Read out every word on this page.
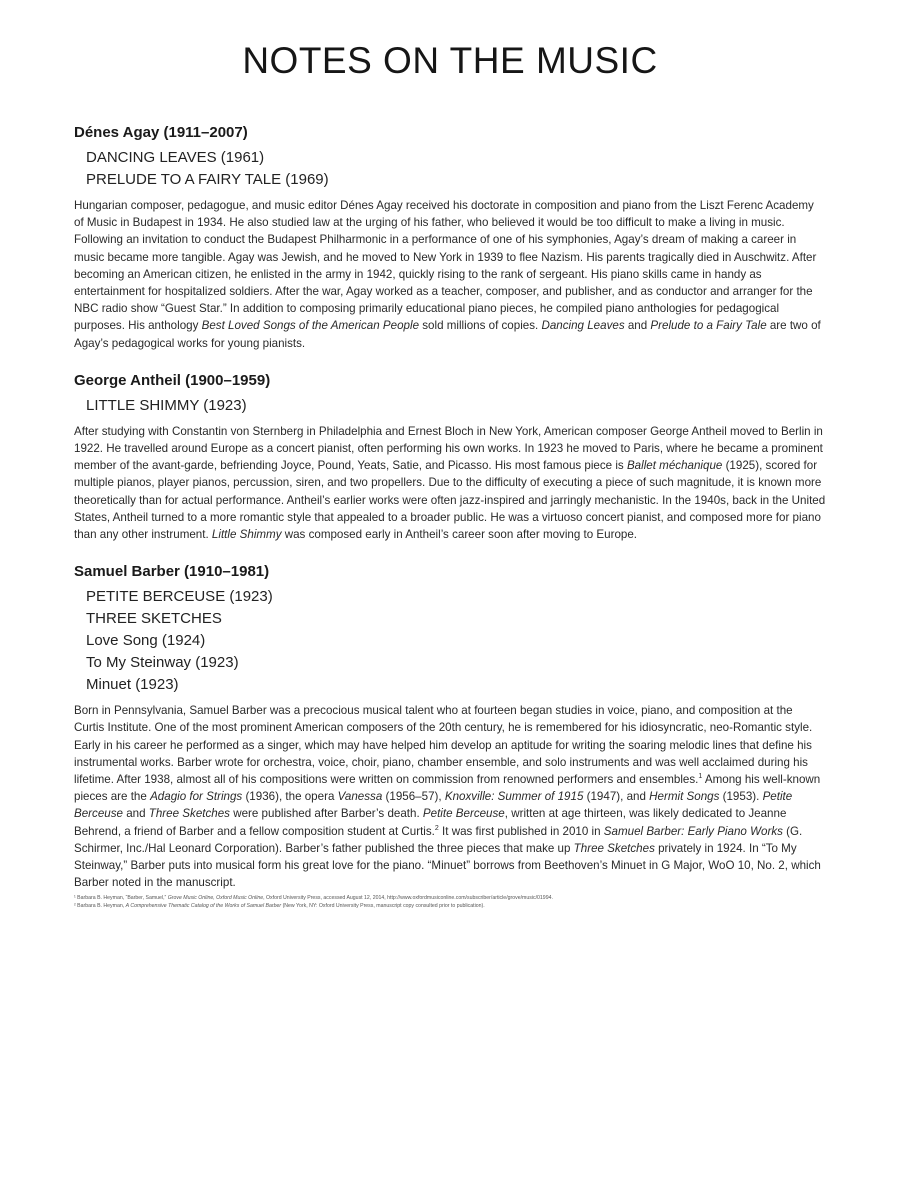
NOTES ON THE MUSIC
Dénes Agay (1911–2007)
DANCING LEAVES (1961)
PRELUDE TO A FAIRY TALE (1969)

Hungarian composer, pedagogue, and music editor Dénes Agay received his doctorate in composition and piano from the Liszt Ferenc Academy of Music in Budapest in 1934. He also studied law at the urging of his father, who believed it would be too difficult to make a living in music. Following an invitation to conduct the Budapest Philharmonic in a performance of one of his symphonies, Agay’s dream of making a career in music became more tangible. Agay was Jewish, and he moved to New York in 1939 to flee Nazism. His parents tragically died in Auschwitz. After becoming an American citizen, he enlisted in the army in 1942, quickly rising to the rank of sergeant. His piano skills came in handy as entertainment for hospitalized soldiers. After the war, Agay worked as a teacher, composer, and publisher, and as conductor and arranger for the NBC radio show “Guest Star.” In addition to composing primarily educational piano pieces, he compiled piano anthologies for pedagogical purposes. His anthology Best Loved Songs of the American People sold millions of copies. Dancing Leaves and Prelude to a Fairy Tale are two of Agay’s pedagogical works for young pianists.

George Antheil (1900–1959)
LITTLE SHIMMY (1923)

After studying with Constantin von Sternberg in Philadelphia and Ernest Bloch in New York, American composer George Antheil moved to Berlin in 1922. He travelled around Europe as a concert pianist, often performing his own works. In 1923 he moved to Paris, where he became a prominent member of the avant-garde, befriending Joyce, Pound, Yeats, Satie, and Picasso. His most famous piece is Ballet méchanique (1925), scored for multiple pianos, player pianos, percussion, siren, and two propellers. Due to the difficulty of executing a piece of such magnitude, it is known more theoretically than for actual performance. Antheil’s earlier works were often jazz-inspired and jarringly mechanistic. In the 1940s, back in the United States, Antheil turned to a more romantic style that appealed to a broader public. He was a virtuoso concert pianist, and composed more for piano than any other instrument. Little Shimmy was composed early in Antheil’s career soon after moving to Europe.

Samuel Barber (1910–1981)
PETITE BERCEUSE (1923)
THREE SKETCHES
Love Song (1924)
To My Steinway (1923)
Minuet (1923)

Born in Pennsylvania, Samuel Barber was a precocious musical talent who at fourteen began studies in voice, piano, and composition at the Curtis Institute. One of the most prominent American composers of the 20th century, he is remembered for his idiosyncratic, neo-Romantic style. Early in his career he performed as a singer, which may have helped him develop an aptitude for writing the soaring melodic lines that define his instrumental works. Barber wrote for orchestra, voice, choir, piano, chamber ensemble, and solo instruments and was well acclaimed during his lifetime. After 1938, almost all of his compositions were written on commission from renowned performers and ensembles.$^1$ Among his well-known pieces are the Adagio for Strings (1936), the opera Vanessa (1956–57), Knoxville: Summer of 1915 (1947), and Hermit Songs (1953). Petite Berceuse and Three Sketches were published after Barber’s death. Petite Berceuse, written at age thirteen, was likely dedicated to Jeanne Behrend, a friend of Barber and a fellow composition student at Curtis.$^2$ It was first published in 2010 in Samuel Barber: Early Piano Works (G. Schirmer, Inc./Hal Leonard Corporation). Barber’s father published the three pieces that make up Three Sketches privately in 1924. In “To My Steinway,” Barber puts into musical form his great love for the piano. “Minuet” borrows from Beethoven’s Minuet in G Major, WoO 10, No. 2, which Barber noted in the manuscript.

¹ Barbara B. Heyman, “Barber, Samuel,” Grove Music Online, Oxford Music Online, Oxford University Press, accessed August 12, 2014, http://www.oxfordmusiconline.com/subscriber/article/grove/music/01994.

² Barbara B. Heyman, A Comprehensive Thematic Catalog of the Works of Samuel Barber (New York, NY: Oxford University Press, manuscript copy consulted prior to publication).
